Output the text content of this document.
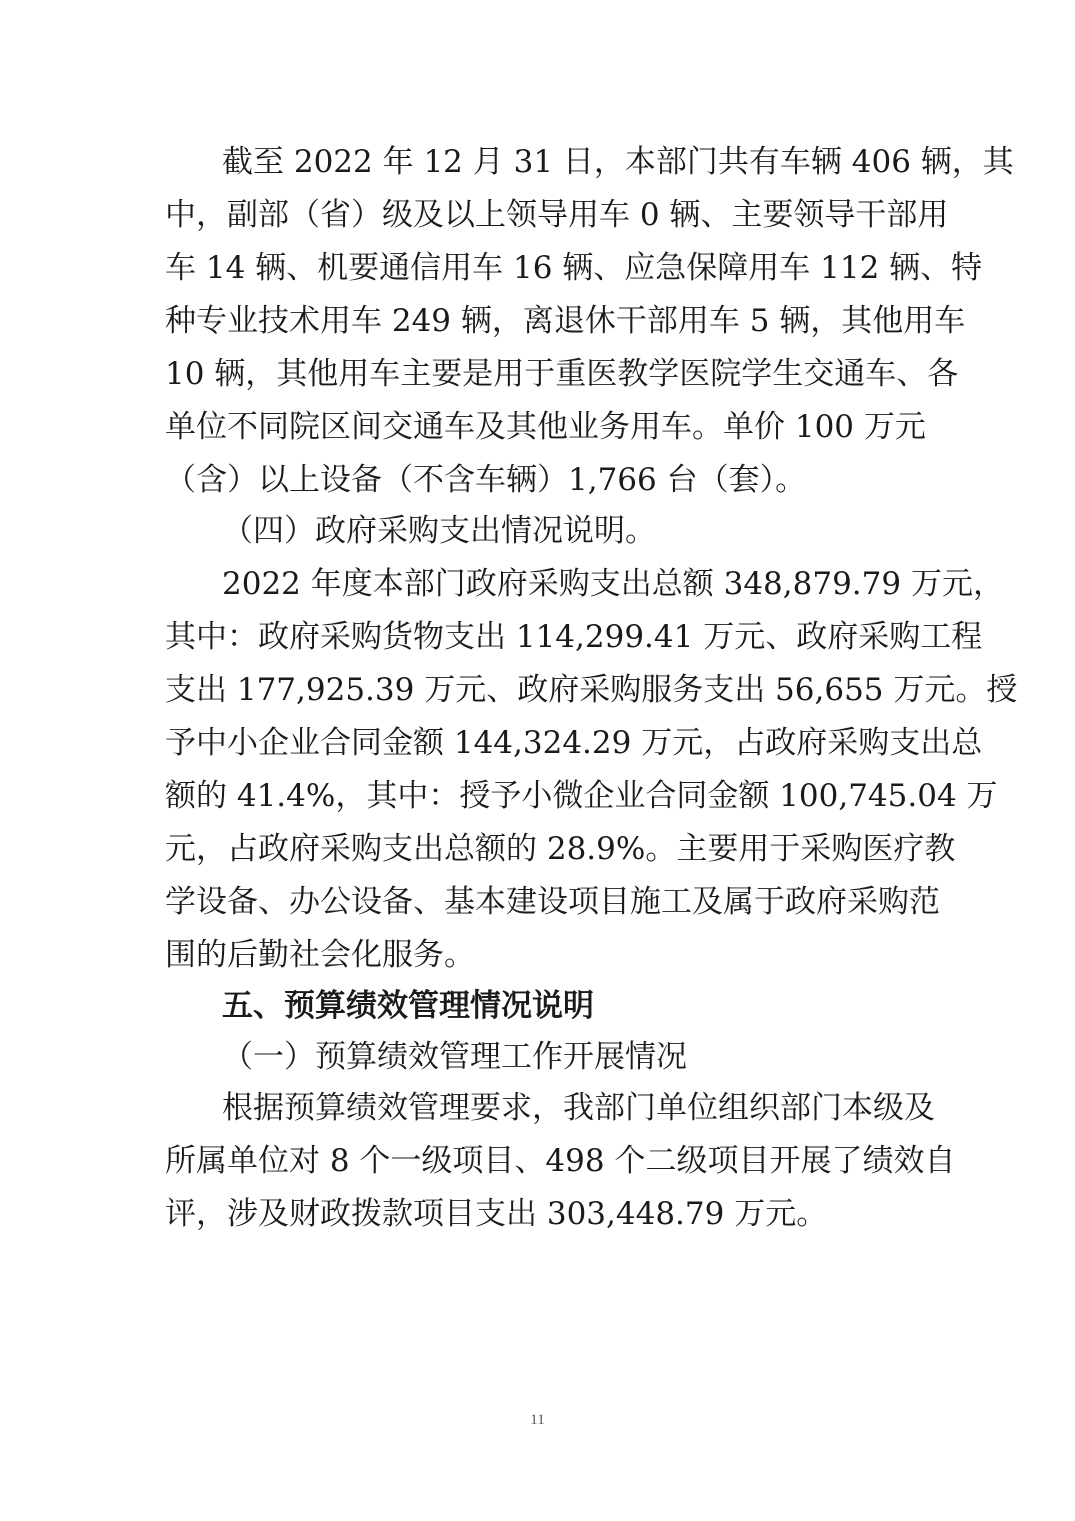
截至 2022 年 12 月 31 日，本部门共有车辆 406 辆，其
中，副部（省）级及以上领导用车 0 辆、主要领导干部用
车 14 辆、机要通信用车 16 辆、应急保障用车 112 辆、特
种专业技术用车 249 辆，离退休干部用车 5 辆，其他用车
10 辆，其他用车主要是用于重医教学医院学生交通车、各
单位不同院区间交通车及其他业务用车。单价 100 万元
（含）以上设备（不含车辆）1,766 台（套）。
（四）政府采购支出情况说明。
2022 年度本部门政府采购支出总额 348,879.79 万元，
其中：政府采购货物支出 114,299.41 万元、政府采购工程
支出 177,925.39 万元、政府采购服务支出 56,655 万元。授
予中小企业合同金额 144,324.29 万元，占政府采购支出总
额的 41.4%，其中：授予小微企业合同金额 100,745.04 万
元，占政府采购支出总额的 28.9%。主要用于采购医疗教
学设备、办公设备、基本建设项目施工及属于政府采购范
围的后勤社会化服务。
五、预算绩效管理情况说明
（一）预算绩效管理工作开展情况
根据预算绩效管理要求，我部门单位组织部门本级及
所属单位对 8 个一级项目、498 个二级项目开展了绩效自
评，涉及财政拨款项目支出 303,448.79 万元。
11
